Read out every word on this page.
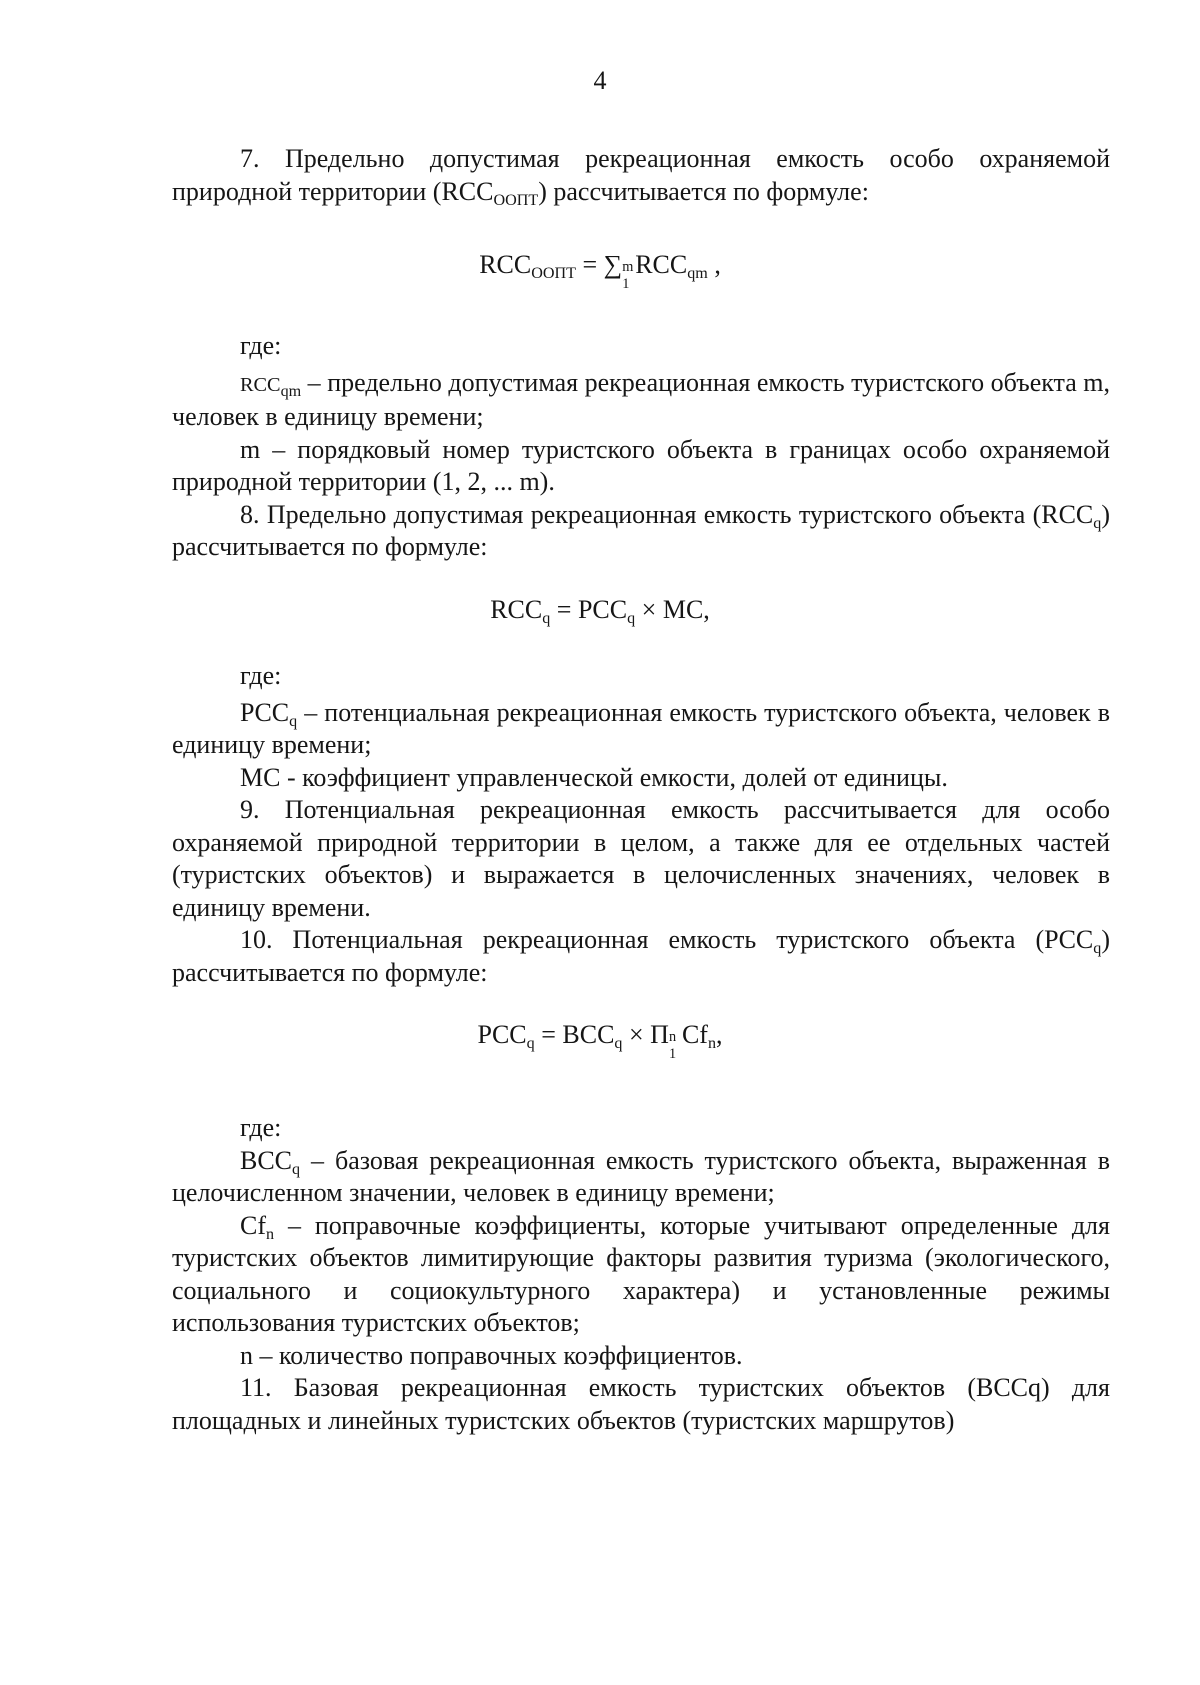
4

7. Предельно допустимая рекреационная емкость особо охраняемой природной территории $(RCC_{ООПТ})$ рассчитывается по формуле:

$RCC_{ООПТ}$ = ∑ m
1
$RCC_{qm}$ ,

где:

$RCC_{qm}$ – предельно допустимая рекреационная емкость туристского объекта m, человек в единицу времени;

m – порядковый номер туристского объекта в границах особо охраняемой природной территории (1, 2, ... m).

8. Предельно допустимая рекреационная емкость туристского объекта $(RCC_q)$ рассчитывается по формуле:

$RCC_q = PCC_q$ × MC,

где:

$PCC_q$ – потенциальная рекреационная емкость туристского объекта, человек в единицу времени;

MC - коэффициент управленческой емкости, долей от единицы.

9. Потенциальная рекреационная емкость рассчитывается для особо охраняемой природной территории в целом, а также для ее отдельных частей (туристских объектов) и выражается в целочисленных значениях, человек в единицу времени.

10. Потенциальная рекреационная емкость туристского объекта $(PCC_q)$ рассчитывается по формуле:

$PCC_q = BCC_q \times П$ n
1
$Cf_n$,

где:

$BCC_q$ – базовая рекреационная емкость туристского объекта, выраженная в целочисленном значении, человек в единицу времени;

$Cf_n$ – поправочные коэффициенты, которые учитывают определенные для туристских объектов лимитирующие факторы развития туризма (экологического, социального и социокультурного характера) и установленные режимы использования туристских объектов;

n – количество поправочных коэффициентов.

11. Базовая рекреационная емкость туристских объектов (BCCq) для площадных и линейных туристских объектов (туристских маршрутов)
